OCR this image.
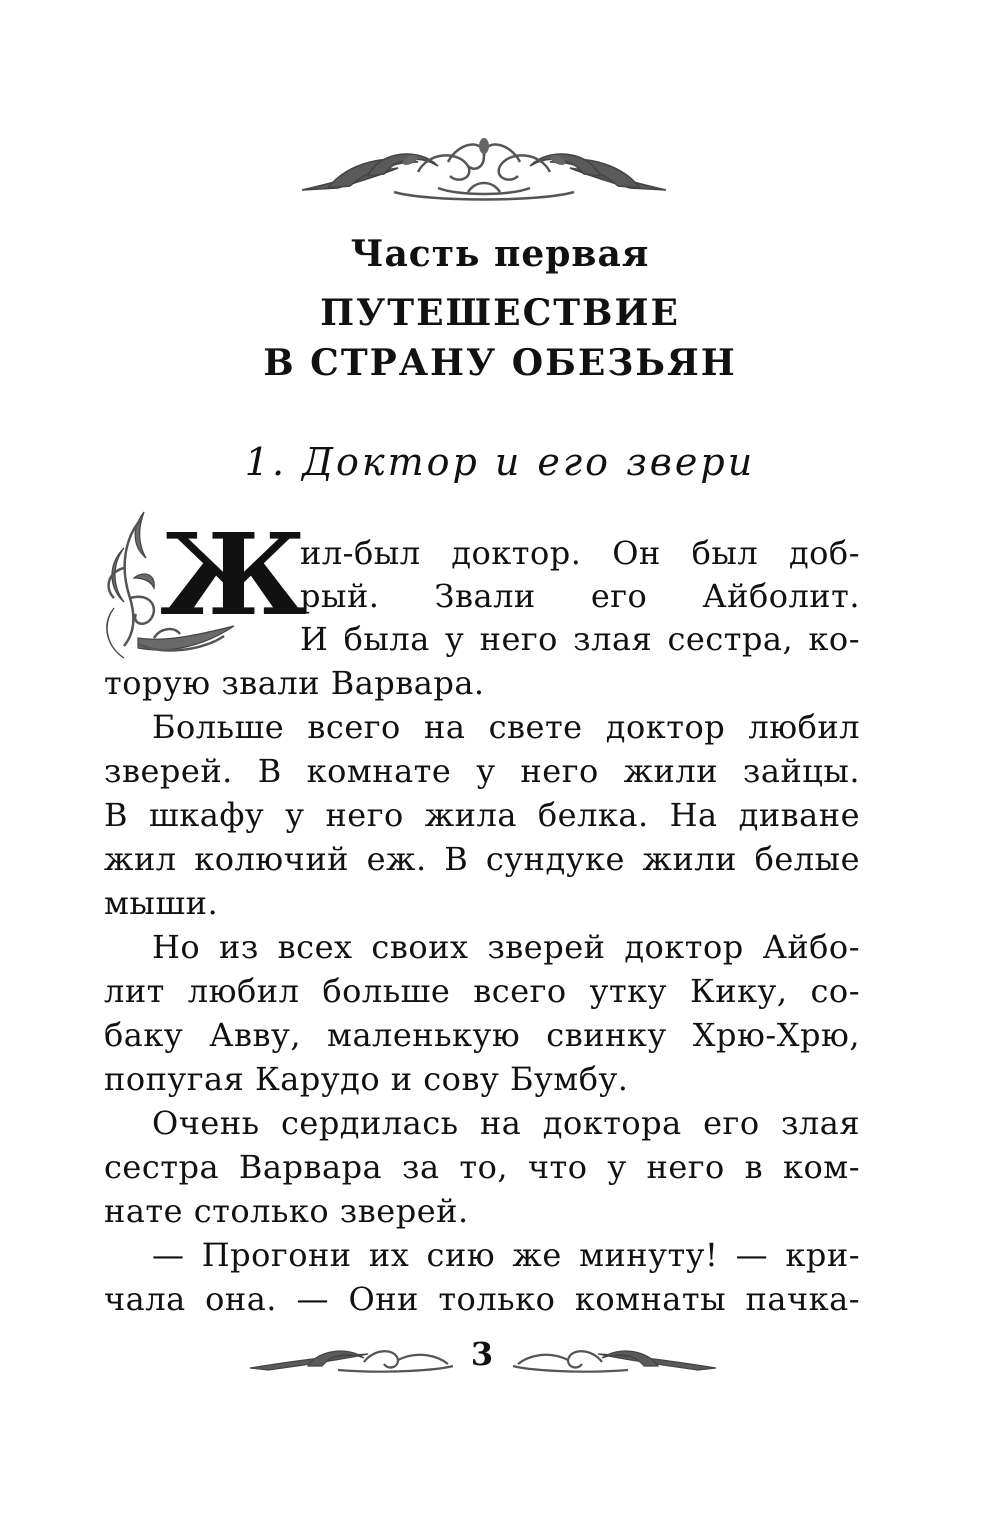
Часть первая
ПУТЕШЕСТВИЕ
В СТРАНУ ОБЕЗЬЯН
1. Доктор и его звери
Ж
ил-был доктор. Он был доб-
рый. Звали его Айболит.
И была у него злая сестра, ко-
торую звали Варвара.
Больше всего на свете доктор любил
зверей. В комнате у него жили зайцы.
В шкафу у него жила белка. На диване
жил колючий еж. В сундуке жили белые
мыши.
Но из всех своих зверей доктор Айбо-
лит любил больше всего утку Кику, со-
баку Авву, маленькую свинку Хрю-Хрю,
попугая Карудо и сову Бумбу.
Очень сердилась на доктора его злая
сестра Варвара за то, что у него в ком-
нате столько зверей.
— Прогони их сию же минуту! — кри-
чала она. — Они только комнаты пачка-
3
